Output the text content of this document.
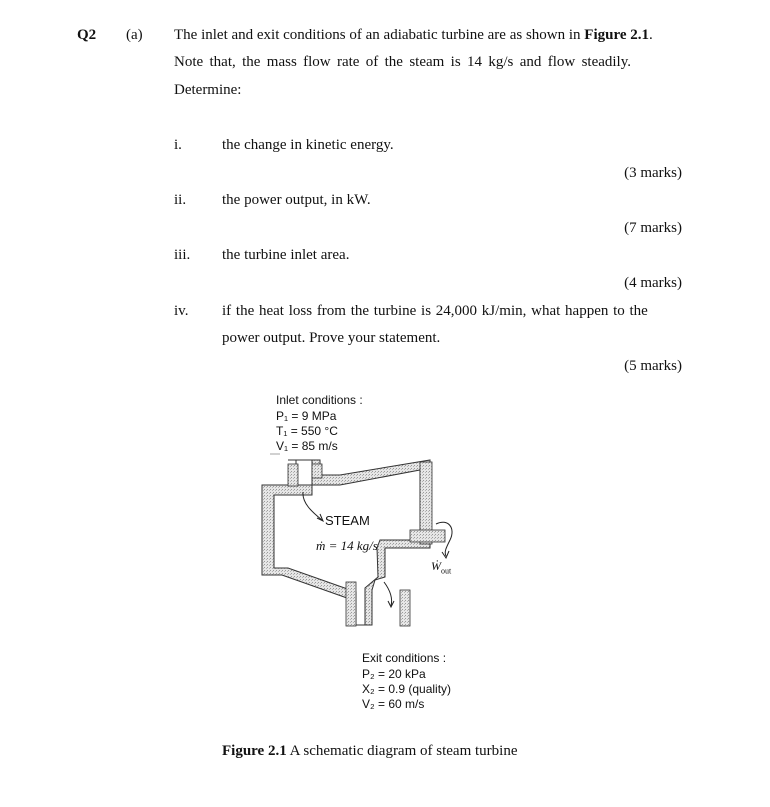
Q2 (a) The inlet and exit conditions of an adiabatic turbine are as shown in Figure 2.1.
Note that, the mass flow rate of the steam is 14 kg/s and flow steadily.
Determine:
i.	the change in kinetic energy.
(3 marks)
ii. the power output, in kW.
(7 marks)
iii. the turbine inlet area.
(4 marks)
iv. if the heat loss from the turbine is 24,000 kJ/min, what happen to the
power output. Prove your statement.
(5 marks)
Inlet conditions :
P₁ = 9 MPa
T₁ = 550 °C
V₁ = 85 m/s
STEAM
ṁ = 14 kg/s
$Ẇ_{out}$
Exit conditions :
P₂ = 20 kPa
X₂ = 0.9 (quality)
V₂ = 60 m/s
Figure 2.1 A schematic diagram of steam turbine
